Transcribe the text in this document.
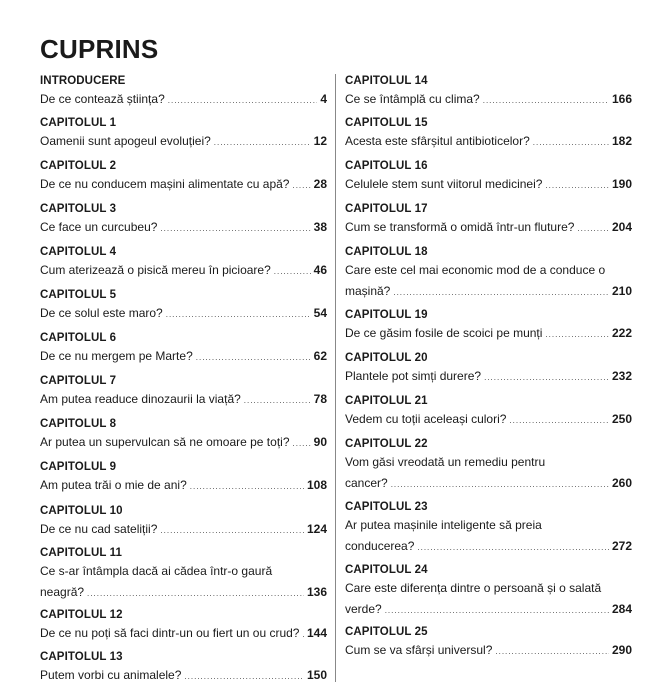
CUPRINS
INTRODUCERE
De ce contează științа? .....	4
CAPITOLUL 1
Oamenii sunt apogeul evoluției? .....	12
CAPITOLUL 2
De ce nu conducem mașini alimentate cu apă? ..... 28
CAPITOLUL 3
Ce face un curcubeu? .....	38
CAPITOLUL 4
Cum aterizează o pisică mereu în picioare? .....	46
CAPITOLUL 5
De ce solul este maro? .....	54
CAPITOLUL 6
De ce nu mergem pe Marte? .....	62
CAPITOLUL 7
Am putea readuce dinozaurii la viață? .....	78
CAPITOLUL 8
Ar putea un supervulcan să ne omoare pe toți? ..... 90
CAPITOLUL 9
Am putea trăi o mie de ani? .....	108
CAPITOLUL 10
De ce nu cad sateliții? .....	124
CAPITOLUL 11
Ce s-ar întâmpla dacă ai cădea într-o gaură
neagră? .....	136
CAPITOLUL 12
De ce nu poți să faci dintr-un ou fiert un ou crud? ..... 144
CAPITOLUL 13
Putem vorbi cu animalele? .....	150
CAPITOLUL 14
Ce se întâmplă cu clima? .....	166
CAPITOLUL 15
Acesta este sfârșitul antibioticelor? .....	182
CAPITOLUL 16
Celulele stem sunt viitorul medicinei? .....	190
CAPITOLUL 17
Cum se transformă o omidă într-un fluture? .....	204
CAPITOLUL 18
Care este cel mai economic mod de a conduce o
mașină? .....	210
CAPITOLUL 19
De ce găsim fosile de scoici pe munți .....	222
CAPITOLUL 20
Plantele pot simți durere? .....	232
CAPITOLUL 21
Vedem cu toții aceleași culori? .....	250
CAPITOLUL 22
Vom găsi vreodată un remediu pentru
cancer? .....	260
CAPITOLUL 23
Ar putea mașinile inteligente să preia
conducerea? .....	272
CAPITOLUL 24
Care este diferența dintre o persoană și o salată
verde? .....	284
CAPITOLUL 25
Cum se va sfârși universul? .....	290
